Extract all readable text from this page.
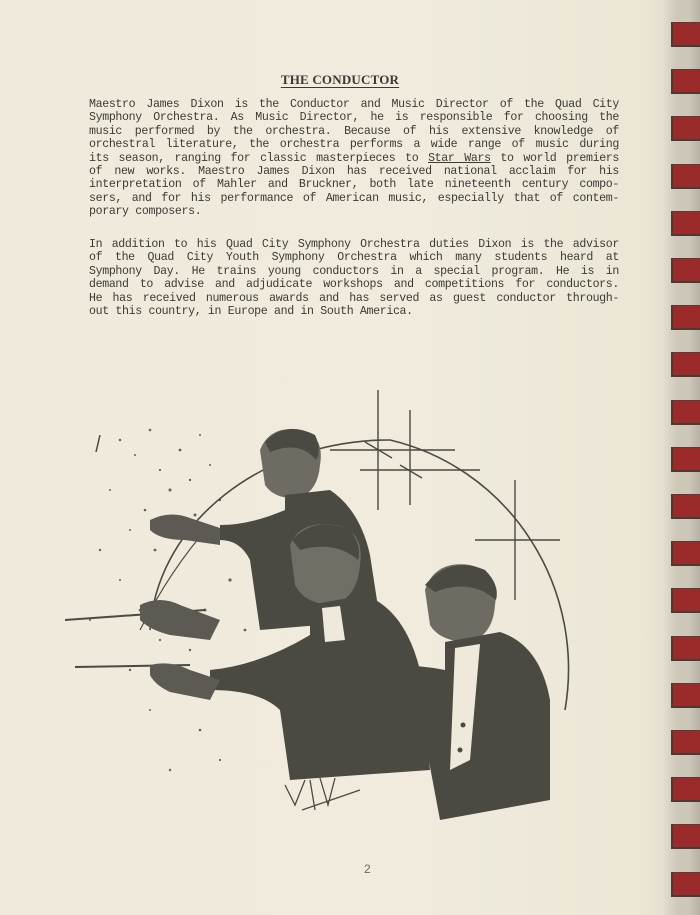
THE CONDUCTOR
Maestro James Dixon is the Conductor and Music Director of the Quad City
Symphony Orchestra. As Music Director, he is responsible for choosing the
music performed by the orchestra. Because of his extensive knowledge of
orchestral literature, the orchestra performs a wide range of music during
its season, ranging for classic masterpieces to Star Wars to world premiers
of new works. Maestro James Dixon has received national acclaim for his
interpretation of Mahler and Bruckner, both late nineteenth century compo-
sers, and for his performance of American music, especially that of contem-
porary composers.
In addition to his Quad City Symphony Orchestra duties Dixon is the advisor
of the Quad City Youth Symphony Orchestra which many students heard at
Symphony Day. He trains young conductors in a special program. He is in
demand to advise and adjudicate workshops and competitions for conductors.
He has received numerous awards and has served as guest conductor through-
out this country, in Europe and in South America.
2
